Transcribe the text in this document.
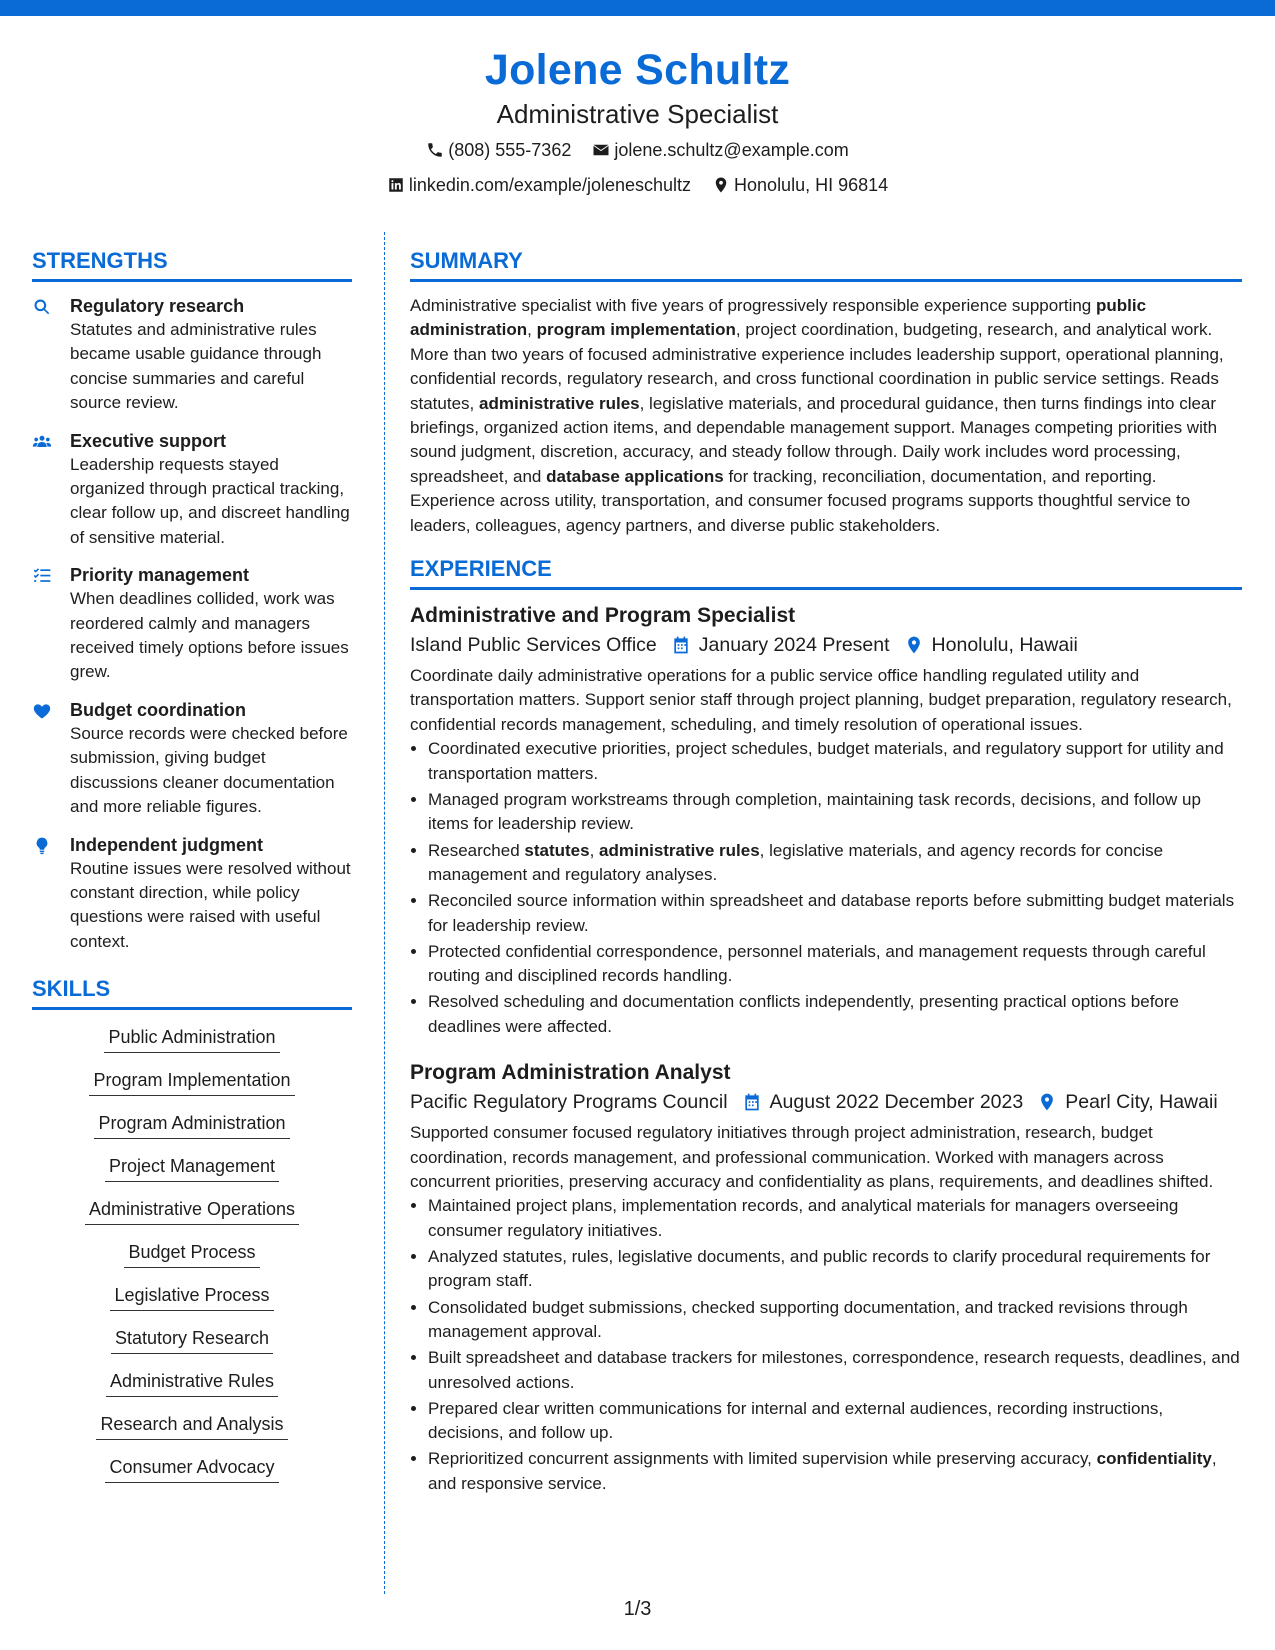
Jolene Schultz
Administrative Specialist
(808) 555-7362
jolene.schultz@example.com
linkedin.com/example/joleneschultz
Honolulu, HI 96814
STRENGTHS
Regulatory research
Statutes and administrative rules became usable guidance through concise summaries and careful source review.
Executive support
Leadership requests stayed organized through practical tracking, clear follow up, and discreet handling of sensitive material.
Priority management
When deadlines collided, work was reordered calmly and managers received timely options before issues grew.
Budget coordination
Source records were checked before submission, giving budget discussions cleaner documentation and more reliable figures.
Independent judgment
Routine issues were resolved without constant direction, while policy questions were raised with useful context.
SKILLS
Public Administration
Program Implementation
Program Administration
Project Management
Administrative Operations
Budget Process
Legislative Process
Statutory Research
Administrative Rules
Research and Analysis
Consumer Advocacy
SUMMARY

Administrative specialist with five years of progressively responsible experience supporting public administration, program implementation, project coordination, budgeting, research, and analytical work. More than two years of focused administrative experience includes leadership support, operational planning, confidential records, regulatory research, and cross functional coordination in public service settings. Reads statutes, administrative rules, legislative materials, and procedural guidance, then turns findings into clear briefings, organized action items, and dependable management support. Manages competing priorities with sound judgment, discretion, accuracy, and steady follow through. Daily work includes word processing, spreadsheet, and database applications for tracking, reconciliation, documentation, and reporting. Experience across utility, transportation, and consumer focused programs supports thoughtful service to leaders, colleagues, agency partners, and diverse public stakeholders.

EXPERIENCE
Administrative and Program Specialist
Island Public Services Office January 2024 Present Honolulu, Hawaii
Coordinate daily administrative operations for a public service office handling regulated utility and transportation matters. Support senior staff through project planning, budget preparation, regulatory research, confidential records management, scheduling, and timely resolution of operational issues.
• Coordinated executive priorities, project schedules, budget materials, and regulatory support for utility and transportation matters.
• Managed program workstreams through completion, maintaining task records, decisions, and follow up items for leadership review.
• Researched statutes, administrative rules, legislative materials, and agency records for concise management and regulatory analyses.
• Reconciled source information within spreadsheet and database reports before submitting budget materials for leadership review.
• Protected confidential correspondence, personnel materials, and management requests through careful routing and disciplined records handling.
• Resolved scheduling and documentation conflicts independently, presenting practical options before deadlines were affected.
Program Administration Analyst
Pacific Regulatory Programs Council August 2022 December 2023 Pearl City, Hawaii
Supported consumer focused regulatory initiatives through project administration, research, budget coordination, records management, and professional communication. Worked with managers across concurrent priorities, preserving accuracy and confidentiality as plans, requirements, and deadlines shifted.
• Maintained project plans, implementation records, and analytical materials for managers overseeing consumer regulatory initiatives.
• Analyzed statutes, rules, legislative documents, and public records to clarify procedural requirements for program staff.
• Consolidated budget submissions, checked supporting documentation, and tracked revisions through management approval.
• Built spreadsheet and database trackers for milestones, correspondence, research requests, deadlines, and unresolved actions.
• Prepared clear written communications for internal and external audiences, recording instructions, decisions, and follow up.
• Reprioritized concurrent assignments with limited supervision while preserving accuracy, confidentiality, and responsive service.
1/3
